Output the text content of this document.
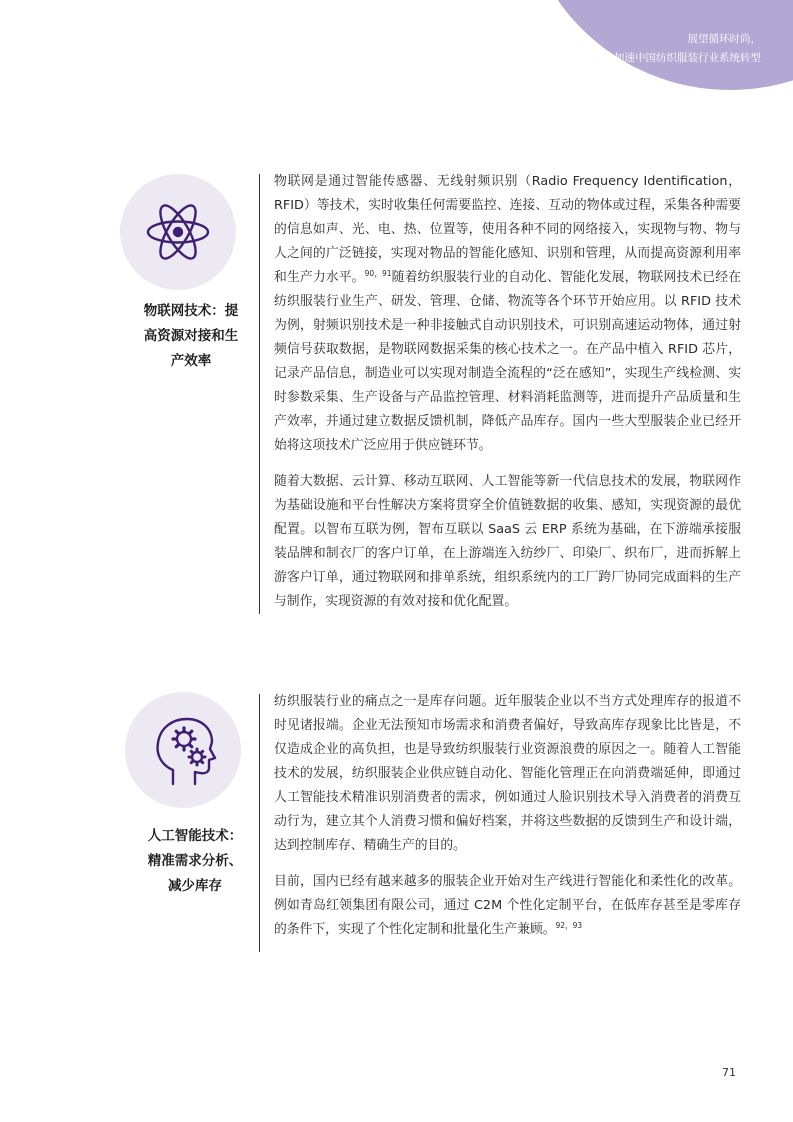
展望循环时尚，
加速中国纺织服装行业系统转型
物联网技术：提
高资源对接和生
产效率

物联网是通过智能传感器、无线射频识别（Radio Frequency Identification，RFID）等技术，实时收集任何需要监控、连接、互动的物体或过程，采集各种需要的信息如声、光、电、热、位置等，使用各种不同的网络接入，实现物与物、物与人之间的广泛链接，实现对物品的智能化感知、识别和管理，从而提高资源利用率和生产力水平。$^{90,91}$随着纺织服装行业的自动化、智能化发展，物联网技术已经在纺织服装行业生产、研发、管理、仓储、物流等各个环节开始应用。以 RFID 技术为例，射频识别技术是一种非接触式自动识别技术，可识别高速运动物体，通过射频信号获取数据，是物联网数据采集的核心技术之一。在产品中植入 RFID 芯片，记录产品信息，制造业可以实现对制造全流程的“泛在感知”，实现生产线检测、实时参数采集、生产设备与产品监控管理、材料消耗监测等，进而提升产品质量和生产效率，并通过建立数据反馈机制，降低产品库存。国内一些大型服装企业已经开始将这项技术广泛应用于供应链环节。

随着大数据、云计算、移动互联网、人工智能等新一代信息技术的发展，物联网作为基础设施和平台性解决方案将贯穿全价值链数据的收集、感知，实现资源的最优配置。以智布互联为例，智布互联以 SaaS 云 ERP 系统为基础，在下游端承接服装品牌和制衣厂的客户订单，在上游端连入纺纱厂、印染厂、织布厂，进而拆解上游客户订单，通过物联网和排单系统，组织系统内的工厂跨厂协同完成面料的生产与制作，实现资源的有效对接和优化配置。

人工智能技术：
精准需求分析、
减少库存

纺织服装行业的痛点之一是库存问题。近年服装企业以不当方式处理库存的报道不时见诸报端。企业无法预知市场需求和消费者偏好，导致高库存现象比比皆是，不仅造成企业的高负担，也是导致纺织服装行业资源浪费的原因之一。随着人工智能技术的发展，纺织服装企业供应链自动化、智能化管理正在向消费端延伸，即通过人工智能技术精准识别消费者的需求，例如通过人脸识别技术导入消费者的消费互动行为，建立其个人消费习惯和偏好档案，并将这些数据的反馈到生产和设计端，达到控制库存、精确生产的目的。

目前，国内已经有越来越多的服装企业开始对生产线进行智能化和柔性化的改革。例如青岛红领集团有限公司，通过 C2M 个性化定制平台，在低库存甚至是零库存的条件下，实现了个性化定制和批量化生产兼顾。$^{92,93}$

71
